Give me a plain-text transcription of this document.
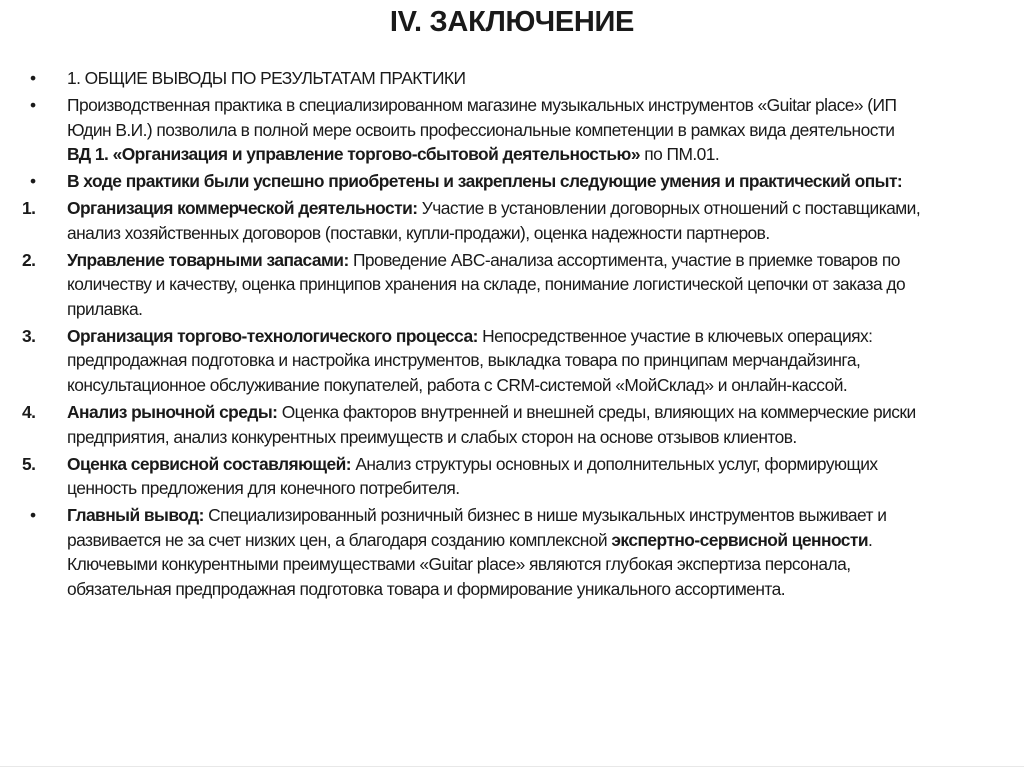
IV. ЗАКЛЮЧЕНИЕ
•	1. ОБЩИЕ ВЫВОДЫ ПО РЕЗУЛЬТАТАМ ПРАКТИКИ
•	Производственная практика в специализированном магазине музыкальных инструментов «Guitar place» (ИП Юдин В.И.) позволила в полной мере освоить профессиональные компетенции в рамках вида деятельности ВД 1. «Организация и управление торгово-сбытовой деятельностью» по ПМ.01.
•	В ходе практики были успешно приобретены и закреплены следующие умения и практический опыт:
1.	Организация коммерческой деятельности: Участие в установлении договорных отношений с поставщиками, анализ хозяйственных договоров (поставки, купли-продажи), оценка надежности партнеров.
2.	Управление товарными запасами: Проведение ABC-анализа ассортимента, участие в приемке товаров по количеству и качеству, оценка принципов хранения на складе, понимание логистической цепочки от заказа до прилавка.
3.	Организация торгово-технологического процесса: Непосредственное участие в ключевых операциях: предпродажная подготовка и настройка инструментов, выкладка товара по принципам мерчандайзинга, консультационное обслуживание покупателей, работа с CRM-системой «МойСклад» и онлайн-кассой.
4.	Анализ рыночной среды: Оценка факторов внутренней и внешней среды, влияющих на коммерческие риски предприятия, анализ конкурентных преимуществ и слабых сторон на основе отзывов клиентов.
5.	Оценка сервисной составляющей: Анализ структуры основных и дополнительных услуг, формирующих ценность предложения для конечного потребителя.
•	Главный вывод: Специализированный розничный бизнес в нише музыкальных инструментов выживает и развивается не за счет низких цен, а благодаря созданию комплексной экспертно-сервисной ценности. Ключевыми конкурентными преимуществами «Guitar place» являются глубокая экспертиза персонала, обязательная предпродажная подготовка товара и формирование уникального ассортимента.
